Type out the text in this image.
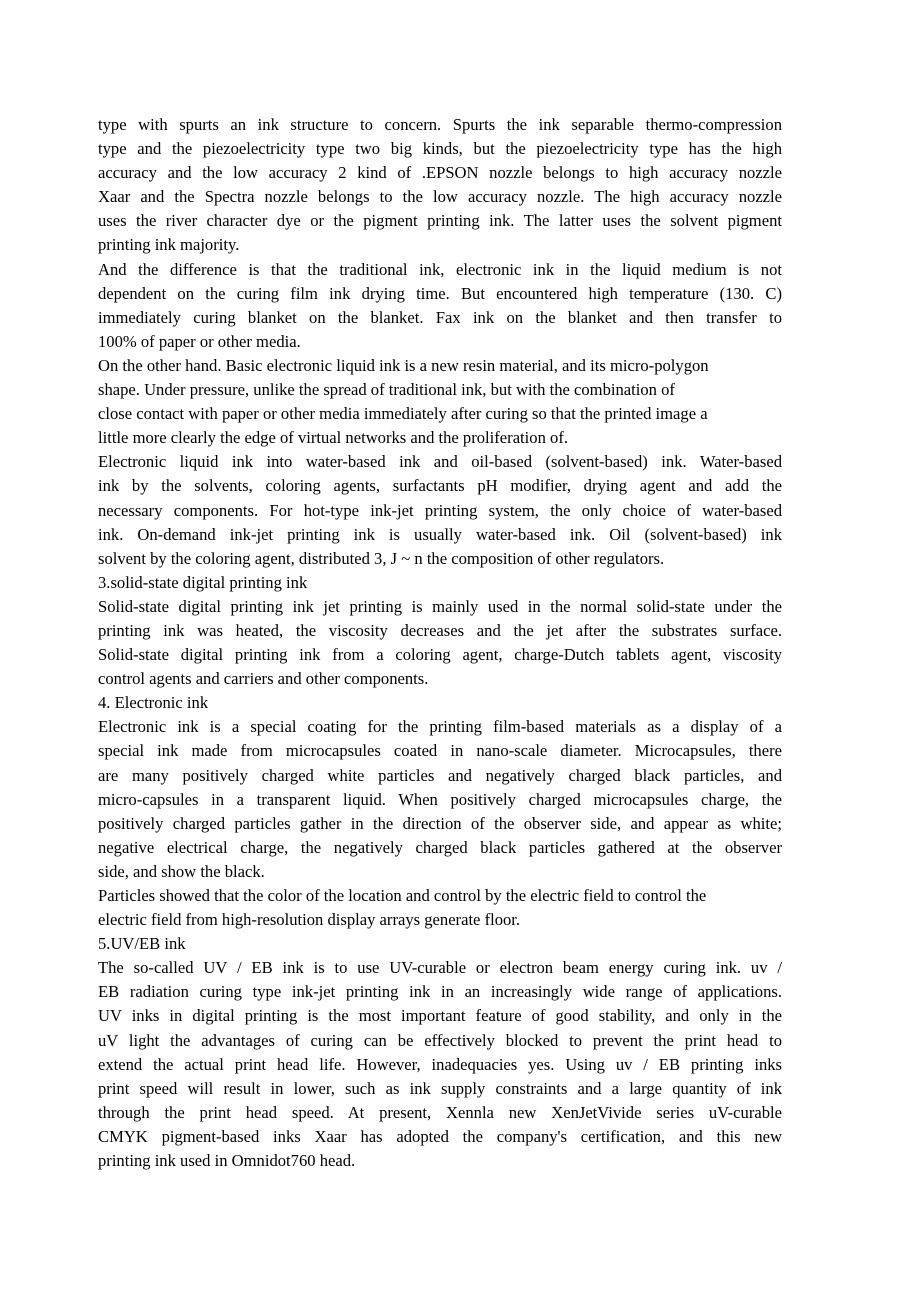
type with spurts an ink structure to concern. Spurts the ink separable thermo-compression
type and the piezoelectricity type two big kinds, but the piezoelectricity type has the high
accuracy and the low accuracy 2 kind of .EPSON nozzle belongs to high accuracy nozzle
Xaar and the Spectra nozzle belongs to the low accuracy nozzle. The high accuracy nozzle
uses the river character dye or the pigment printing ink. The latter uses the solvent pigment
printing ink majority.
And the difference is that the traditional ink, electronic ink in the liquid medium is not
dependent on the curing film ink drying time. But encountered high temperature (130. C)
immediately curing blanket on the blanket. Fax ink on the blanket and then transfer to
100% of paper or other media.
On the other hand. Basic electronic liquid ink is a new resin material, and its micro-polygon
shape. Under pressure, unlike the spread of traditional ink, but with the combination of
close contact with paper or other media immediately after curing so that the printed image a
little more clearly the edge of virtual networks and the proliferation of.
Electronic liquid ink into water-based ink and oil-based (solvent-based) ink. Water-based
ink by the solvents, coloring agents, surfactants pH modifier, drying agent and add the
necessary components. For hot-type ink-jet printing system, the only choice of water-based
ink. On-demand ink-jet printing ink is usually water-based ink. Oil (solvent-based) ink
solvent by the coloring agent, distributed 3, J ~ n the composition of other regulators.
3.solid-state digital printing ink
Solid-state digital printing ink jet printing is mainly used in the normal solid-state under the
printing ink was heated, the viscosity decreases and the jet after the substrates surface.
Solid-state digital printing ink from a coloring agent, charge-Dutch tablets agent, viscosity
control agents and carriers and other components.
4. Electronic ink
Electronic ink is a special coating for the printing film-based materials as a display of a
special ink made from microcapsules coated in nano-scale diameter. Microcapsules, there
are many positively charged white particles and negatively charged black particles, and
micro-capsules in a transparent liquid. When positively charged microcapsules charge, the
positively charged particles gather in the direction of the observer side, and appear as white;
negative electrical charge, the negatively charged black particles gathered at the observer
side, and show the black.
Particles showed that the color of the location and control by the electric field to control the
electric field from high-resolution display arrays generate floor.
5.UV/EB ink
The so-called UV / EB ink is to use UV-curable or electron beam energy curing ink. uv /
EB radiation curing type ink-jet printing ink in an increasingly wide range of applications.
UV inks in digital printing is the most important feature of good stability, and only in the
uV light the advantages of curing can be effectively blocked to prevent the print head to
extend the actual print head life. However, inadequacies yes. Using uv / EB printing inks
print speed will result in lower, such as ink supply constraints and a large quantity of ink
through the print head speed. At present, Xennla new XenJetVivide series uV-curable
CMYK pigment-based inks Xaar has adopted the company's certification, and this new
printing ink used in Omnidot760 head.
